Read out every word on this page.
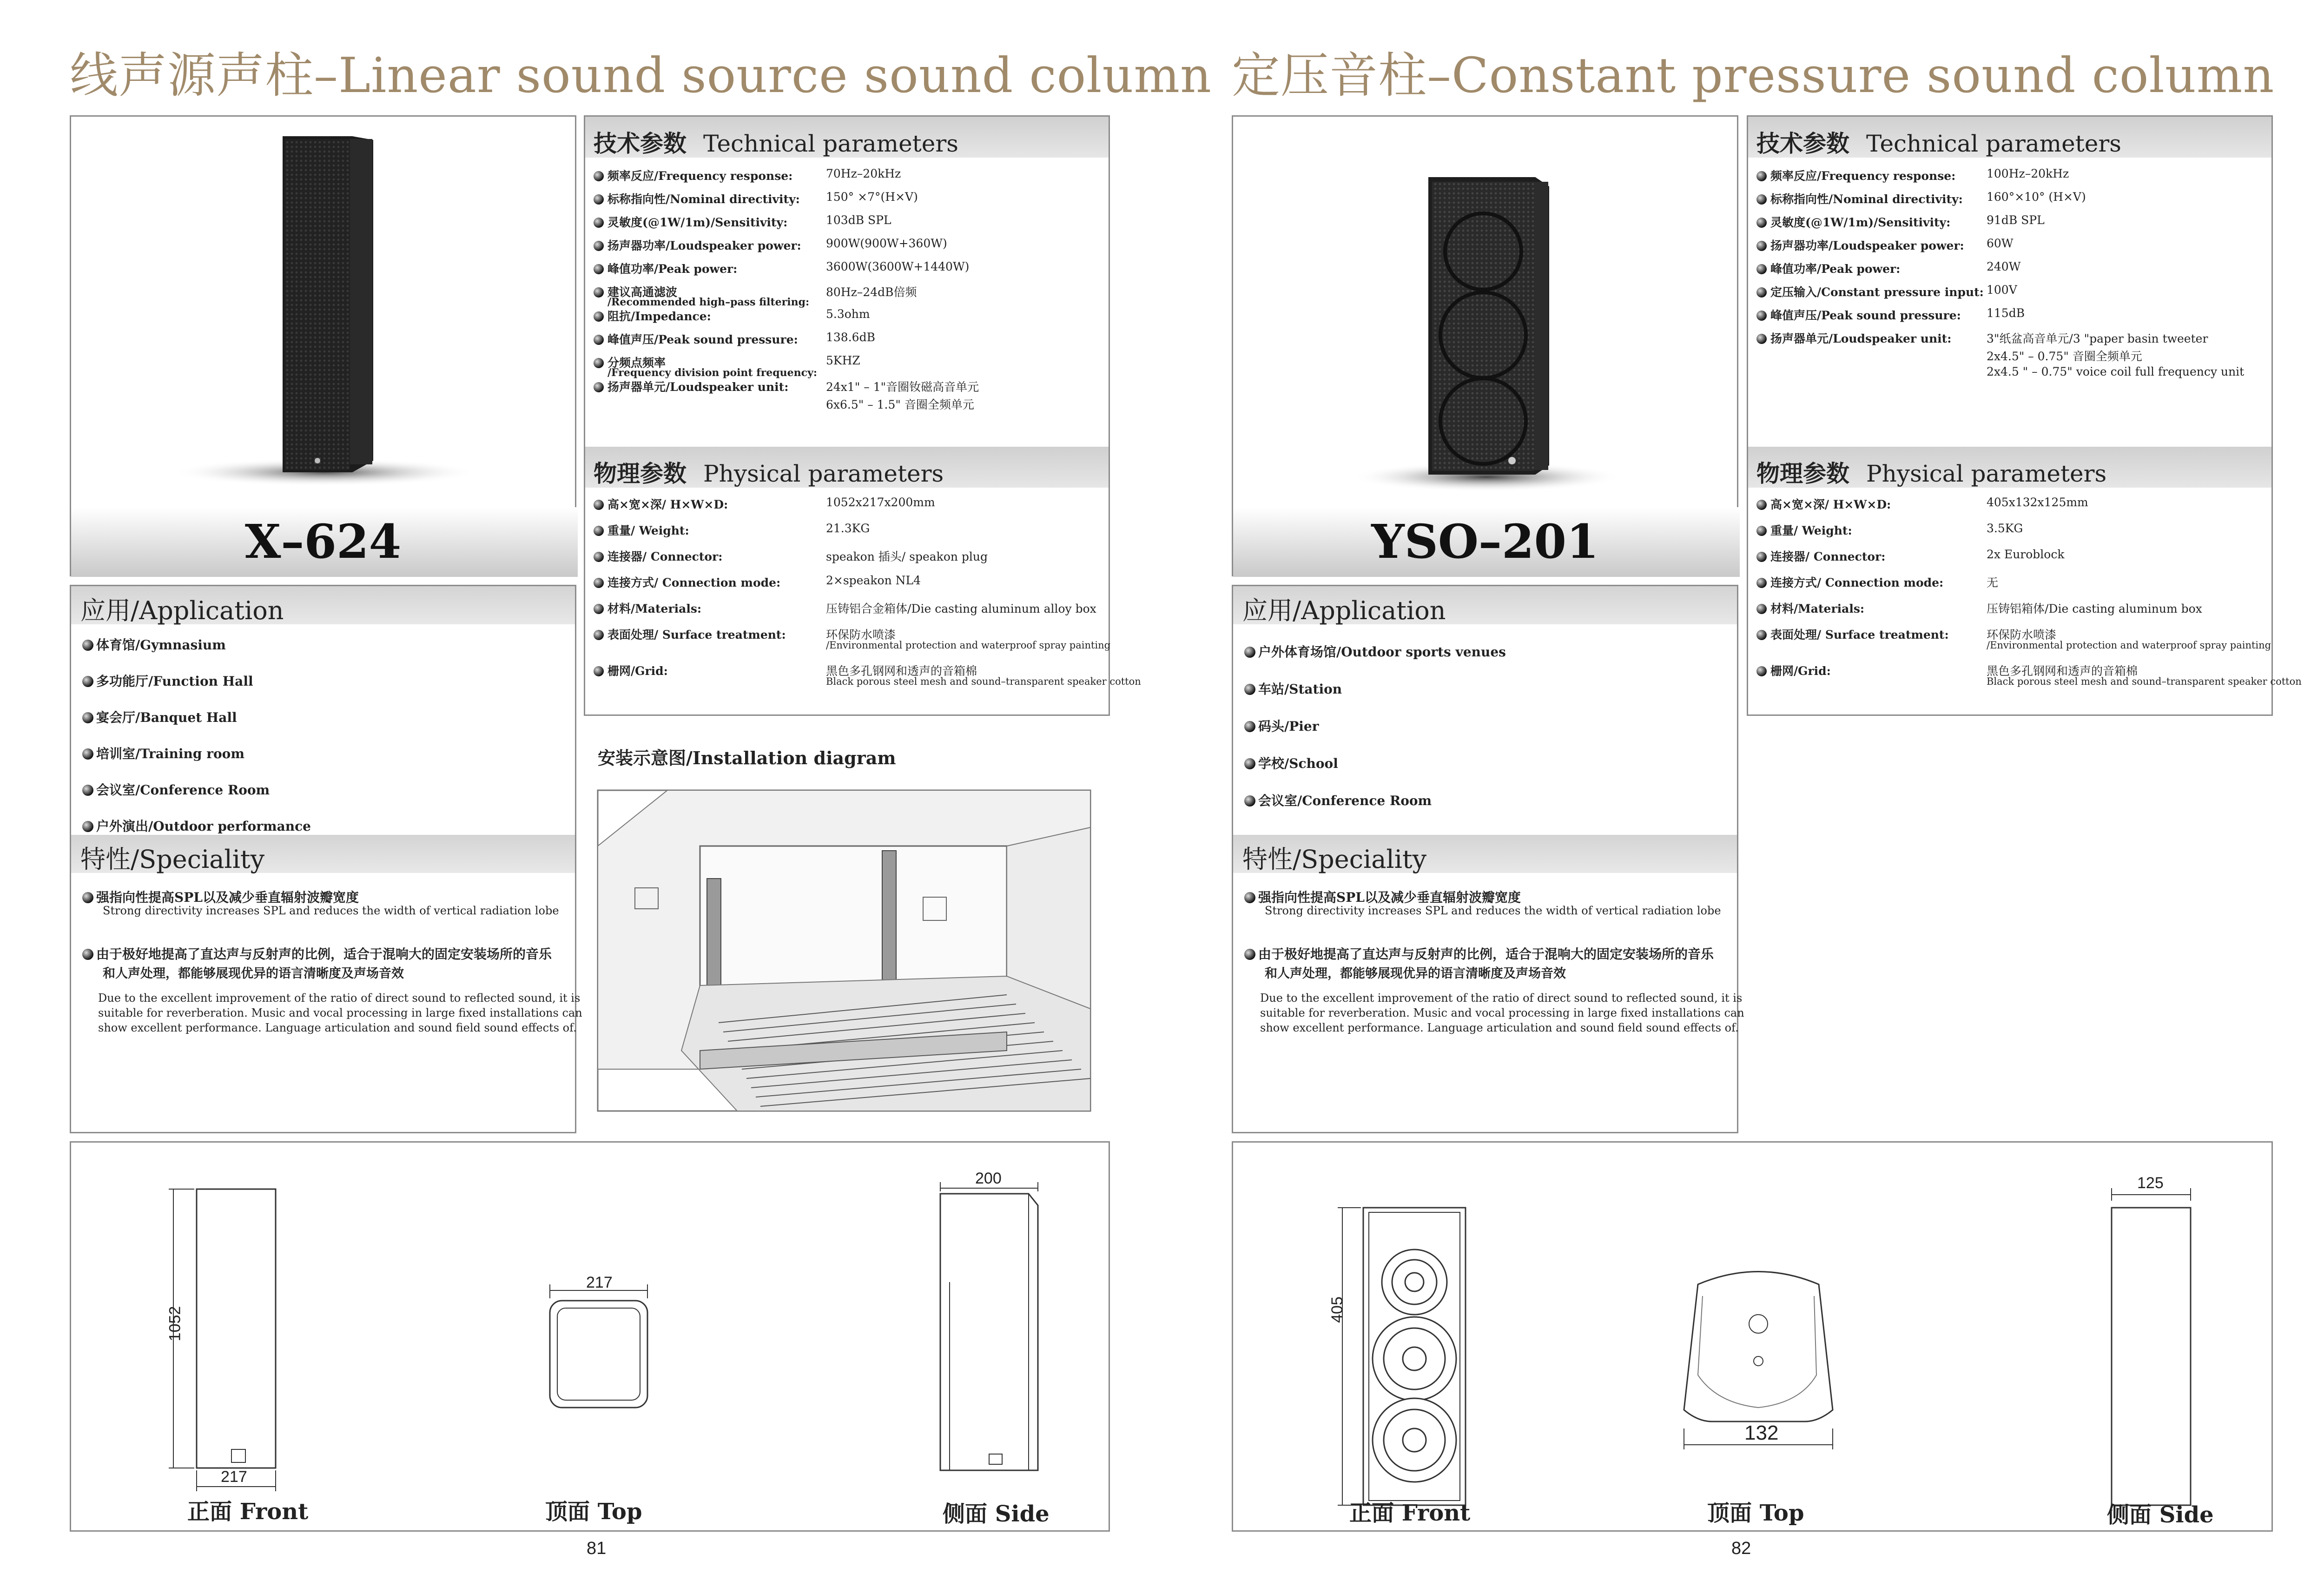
线声源声柱–Linear sound source sound column
X–624
技术参数 Technical parameters
频率反应/Frequency response:	70Hz–20kHz
标称指向性/Nominal directivity: 150° ×7°(H×V)
灵敏度(@1W/1m)/Sensitivity:	103dB SPL
扬声器功率/Loudspeaker power: 900W(900W+360W)
峰值功率/Peak power:	3600W(3600W+1440W)
建议高通滤波
/Recommended high–pass filtering:
80Hz–24dB倍频
阻抗/Impedance:	5.3ohm
峰值声压/Peak sound pressure: 138.6dB
分频点频率
/Frequency division point frequency:
5KHZ
扬声器单元/Loudspeaker unit:	24x1" – 1"音圈钕磁高音单元
6x6.5" – 1.5" 音圈全频单元
物理参数 Physical parameters
高×宽×深/ H×W×D:	1052x217x200mm
重量/ Weight:	21.3KG
连接器/ Connector:	speakon 插头/ speakon plug
连接方式/ Connection mode:	2×speakon NL4
材料/Materials:	压铸铝合金箱体/Die casting aluminum alloy box
表面处理/ Surface treatment:	环保防水喷漆
/Environmental protection and waterproof spray painting
栅网/Grid:	黑色多孔钢网和透声的音箱棉
Black porous steel mesh and sound–transparent speaker cotton
应用/Application
体育馆/Gymnasium
多功能厅/Function Hall
宴会厅/Banquet Hall
培训室/Training room
会议室/Conference Room
户外演出/Outdoor performance
特性/Speciality
强指向性提高SPL以及减少垂直辐射波瓣宽度
Strong directivity increases SPL and reduces the width of vertical radiation lobe
由于极好地提高了直达声与反射声的比例，适合于混响大的固定安装场所的音乐
和人声处理，都能够展现优异的语言清晰度及声场音效
Due to the excellent improvement of the ratio of direct sound to reflected sound, it is
suitable for reverberation. Music and vocal processing in large fixed installations can
show excellent performance. Language articulation and sound field sound effects of.
安装示意图/Installation diagram
1052
217
217
200
正面 Front	顶面 Top	侧面 Side
81
定压音柱–Constant pressure sound column
YSO–201
技术参数 Technical parameters
频率反应/Frequency response:	100Hz–20kHz
标称指向性/Nominal directivity: 160°×10° (H×V)
灵敏度(@1W/1m)/Sensitivity:	91dB SPL
扬声器功率/Loudspeaker power: 60W
峰值功率/Peak power:	240W
定压输入/Constant pressure input: 100V
峰值声压/Peak sound pressure: 115dB
扬声器单元/Loudspeaker unit:	3"纸盆高音单元/3 "paper basin tweeter
2x4.5" – 0.75" 音圈全频单元
2x4.5 " – 0.75" voice coil full frequency unit
物理参数 Physical parameters
高×宽×深/ H×W×D:	405x132x125mm
重量/ Weight:	3.5KG
连接器/ Connector:	2x Euroblock
连接方式/ Connection mode:	无
材料/Materials:	压铸铝箱体/Die casting aluminum box
表面处理/ Surface treatment:	环保防水喷漆
/Environmental protection and waterproof spray painting
栅网/Grid:	黑色多孔钢网和透声的音箱棉
Black porous steel mesh and sound–transparent speaker cotton
应用/Application
户外体育场馆/Outdoor sports venues
车站/Station
码头/Pier
学校/School
会议室/Conference Room
特性/Speciality
强指向性提高SPL以及减少垂直辐射波瓣宽度
Strong directivity increases SPL and reduces the width of vertical radiation lobe
由于极好地提高了直达声与反射声的比例，适合于混响大的固定安装场所的音乐
和人声处理，都能够展现优异的语言清晰度及声场音效
Due to the excellent improvement of the ratio of direct sound to reflected sound, it is
suitable for reverberation. Music and vocal processing in large fixed installations can
show excellent performance. Language articulation and sound field sound effects of.
405
132
125
正面 Front	顶面 Top	侧面 Side
82
